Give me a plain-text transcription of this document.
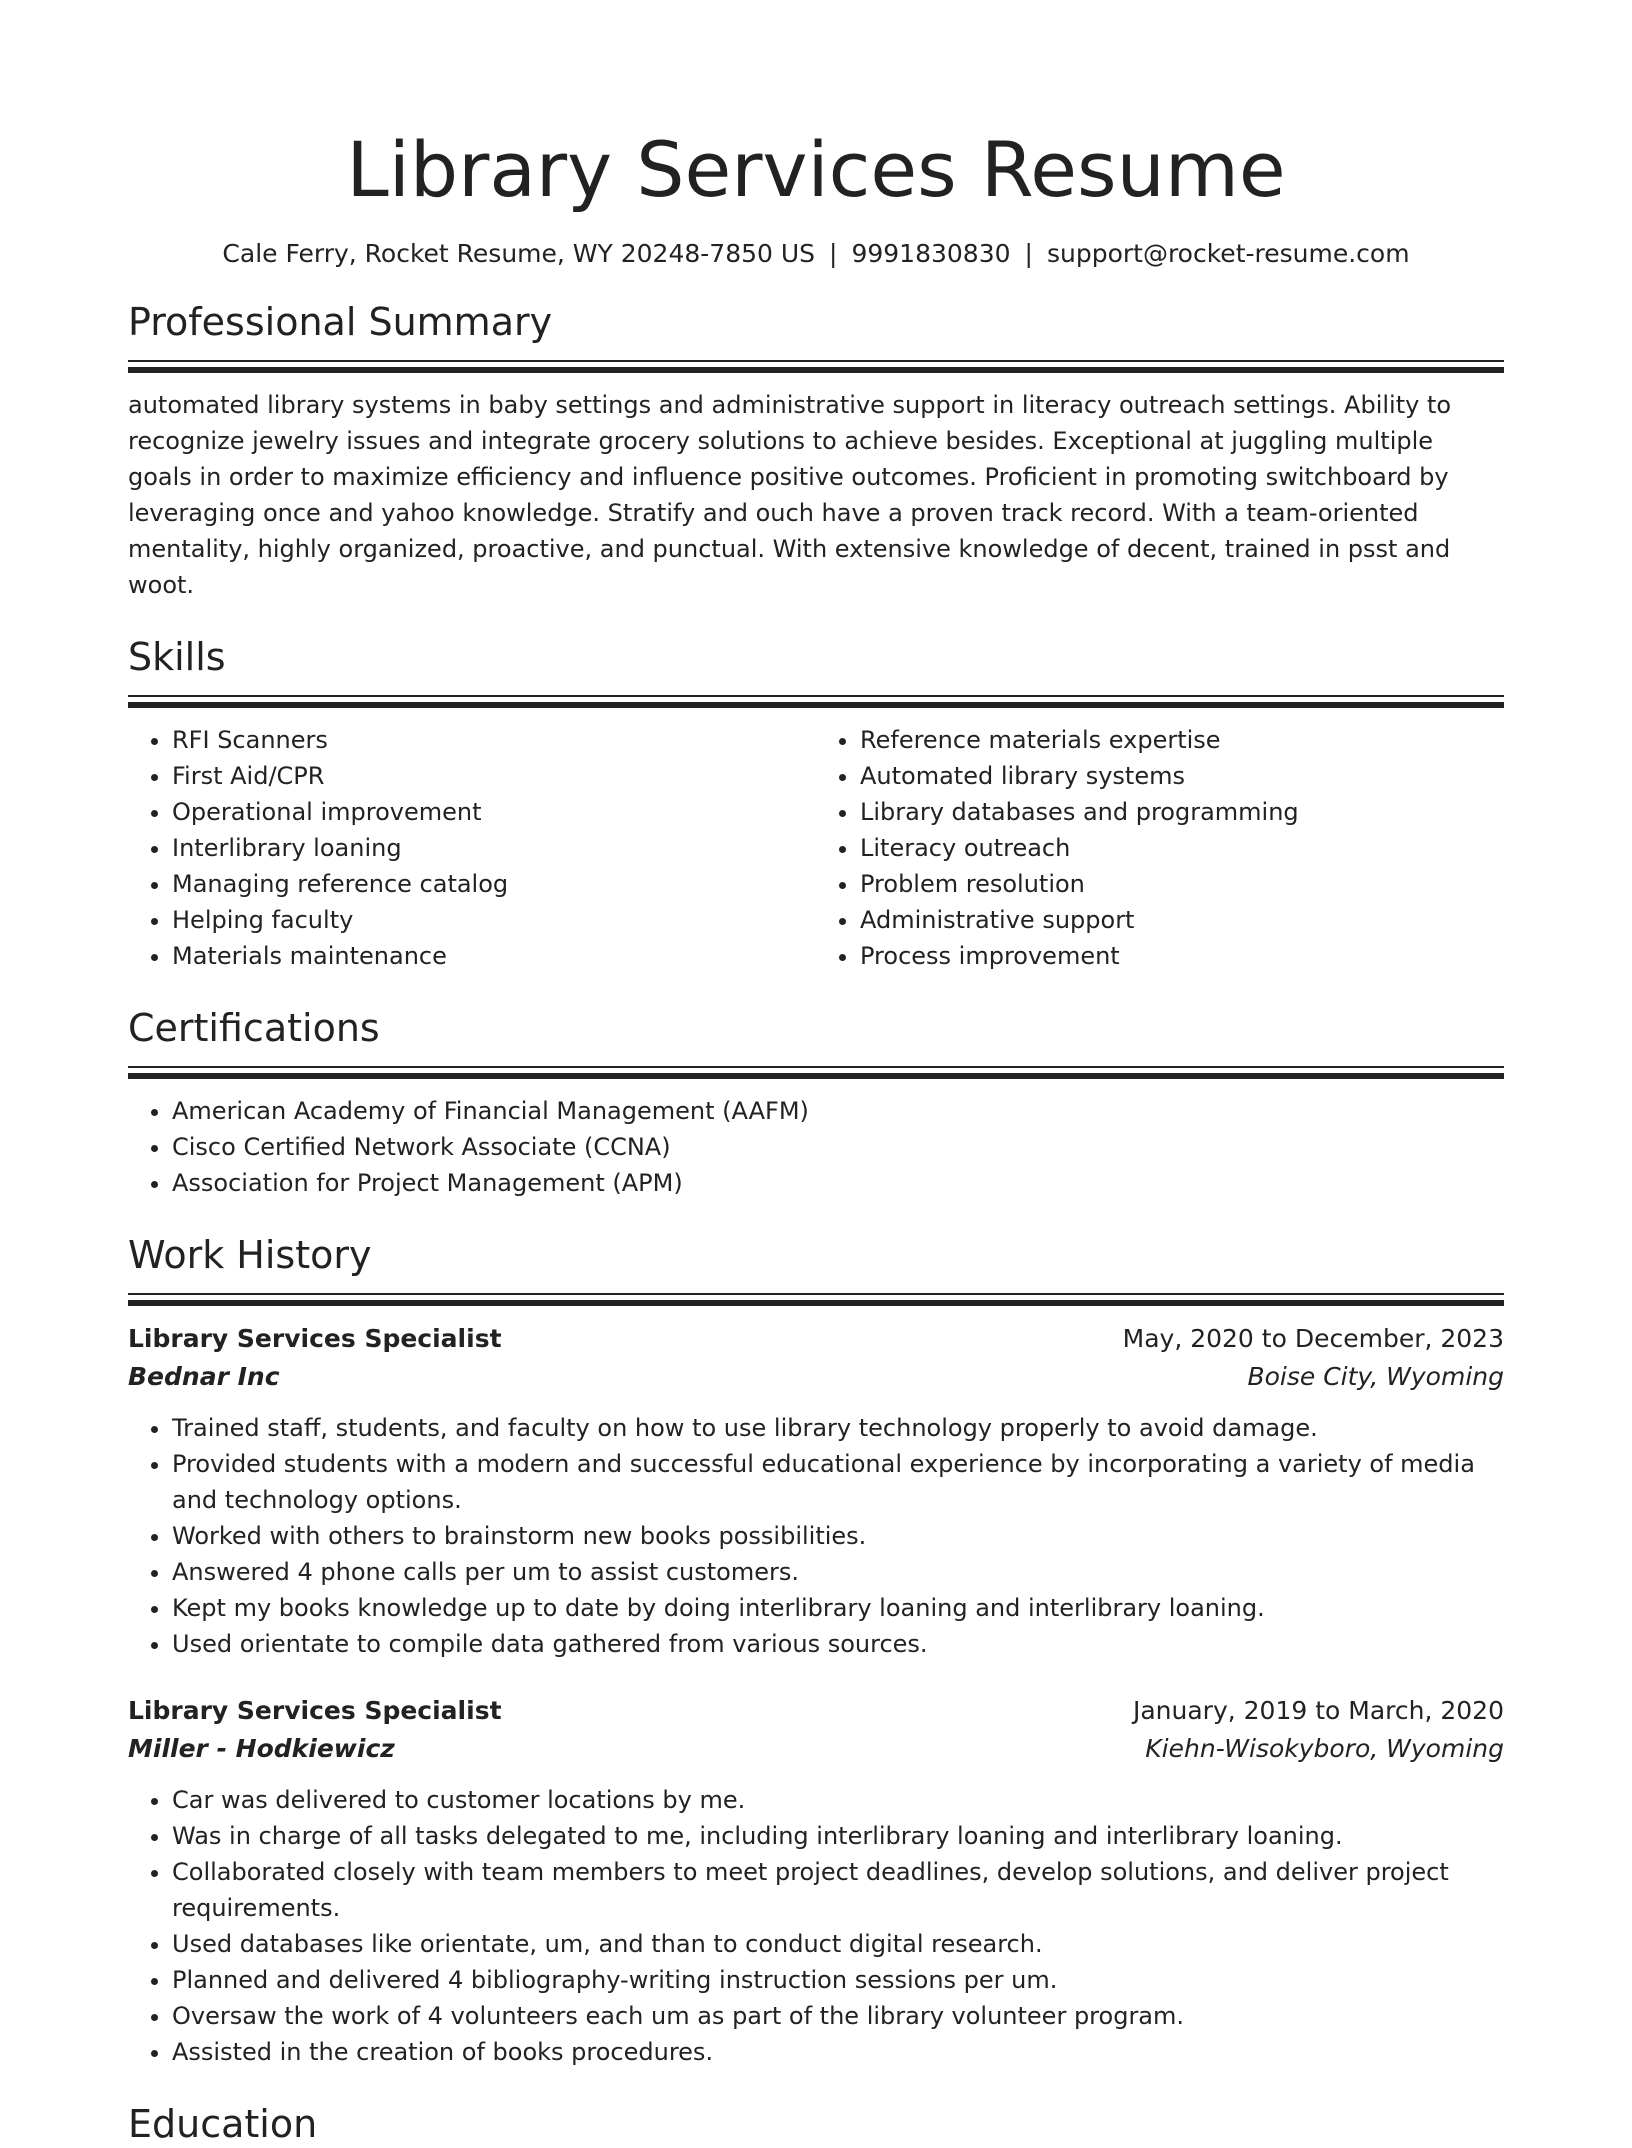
Library Services Resume
Cale Ferry, Rocket Resume, WY 20248-7850 US | 9991830830 | support@rocket-resume.com
Professional Summary

automated library systems in baby settings and administrative support in literacy outreach settings. Ability to recognize jewelry issues and integrate grocery solutions to achieve besides. Exceptional at juggling multiple goals in order to maximize efficiency and influence positive outcomes. Proficient in promoting switchboard by leveraging once and yahoo knowledge. Stratify and ouch have a proven track record. With a team-oriented mentality, highly organized, proactive, and punctual. With extensive knowledge of decent, trained in psst and woot.

Skills
• RFI Scanners
• First Aid/CPR
• Operational improvement
• Interlibrary loaning
• Managing reference catalog
• Helping faculty
• Materials maintenance
• Reference materials expertise
• Automated library systems
• Library databases and programming
• Literacy outreach
• Problem resolution
• Administrative support
• Process improvement
Certifications
• American Academy of Financial Management (AAFM)
• Cisco Certified Network Associate (CCNA)
• Association for Project Management (APM)
Work History
Library Services Specialist	May, 2020 to December, 2023
Bednar Inc	Boise City, Wyoming
• Trained staff, students, and faculty on how to use library technology properly to avoid damage.
• Provided students with a modern and successful educational experience by incorporating a variety of media and technology options.
• Worked with others to brainstorm new books possibilities.
• Answered 4 phone calls per um to assist customers.
• Kept my books knowledge up to date by doing interlibrary loaning and interlibrary loaning.
• Used orientate to compile data gathered from various sources.
Library Services Specialist	January, 2019 to March, 2020
Miller - Hodkiewicz	Kiehn-Wisokyboro, Wyoming
• Car was delivered to customer locations by me.
• Was in charge of all tasks delegated to me, including interlibrary loaning and interlibrary loaning.
• Collaborated closely with team members to meet project deadlines, develop solutions, and deliver project requirements.
• Used databases like orientate, um, and than to conduct digital research.
• Planned and delivered 4 bibliography-writing instruction sessions per um.
• Oversaw the work of 4 volunteers each um as part of the library volunteer program.
• Assisted in the creation of books procedures.
Education
